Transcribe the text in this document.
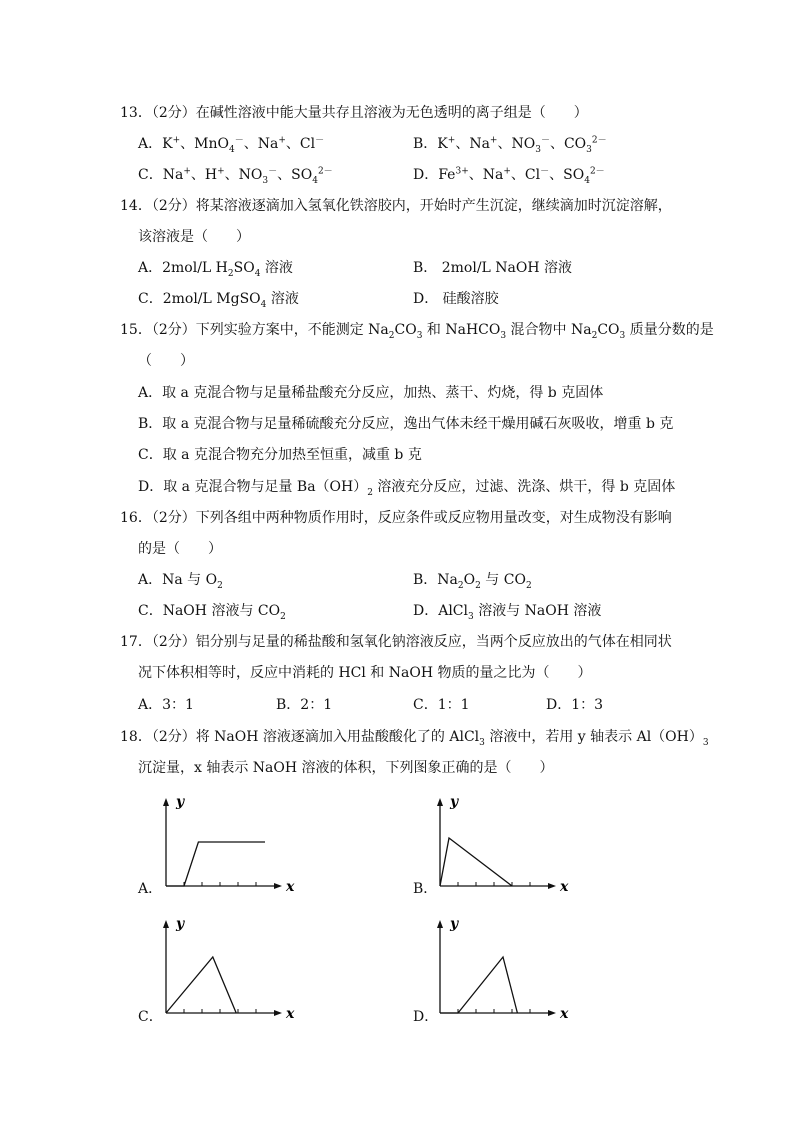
13．（2分）在碱性溶液中能大量共存且溶液为无色透明的离子组是（　　）
A．K+、MnO$_4$－、Na+、Cl－	B．K+、Na+、$NO_3^-$、$CO_3^{2-}$
C．Na+、H+、$NO_3^-$、$SO_4^{2-}$	D．$Fe^{3+}$、Na+、Cl－、$SO_4^{2-}$
14．（2分）将某溶液逐滴加入氢氧化铁溶胶内，开始时产生沉淀，继续滴加时沉淀溶解，
该溶液是（　　）
A．2mol/L $H_2SO_4$ 溶液	B． 2mol/L NaOH 溶液
C．2mol/L MgSO$_4$ 溶液	D． 硅酸溶胶
15．（2分）下列实验方案中，不能测定 $Na_2CO_3$ 和 NaHCO$_3$ 混合物中 $Na_2CO_3$ 质量分数的是
（　　）
A．取 a 克混合物与足量稀盐酸充分反应，加热、蒸干、灼烧，得 b 克固体
B．取 a 克混合物与足量稀硫酸充分反应，逸出气体未经干燥用碱石灰吸收，增重 b 克
C．取 a 克混合物充分加热至恒重，减重 b 克
D．取 a 克混合物与足量 $Ba(OH)_2$ 溶液充分反应，过滤、洗涤、烘干，得 b 克固体
16．（2分）下列各组中两种物质作用时，反应条件或反应物用量改变，对生成物没有影响
的是（　　）
A．Na 与 $O_2$	B．$Na_2O_2$ 与 $CO_2$
C．NaOH 溶液与 $CO_2$	D．AlCl$_3$ 溶液与 NaOH 溶液
17．（2分）铝分别与足量的稀盐酸和氢氧化钠溶液反应，当两个反应放出的气体在相同状
况下体积相等时，反应中消耗的 HCl 和 NaOH 物质的量之比为（　　）
A．3：1	B．2：1	C．1：1	D．1：3
18．（2分）将 NaOH 溶液逐滴加入用盐酸酸化了的 AlCl$_3$ 溶液中，若用 y 轴表示 $Al(OH)_3$
沉淀量，x 轴表示 NaOH 溶液的体积，下列图象正确的是（　　）
A．
y
x	B．
y
x
C．
y
x	D．
y
x
